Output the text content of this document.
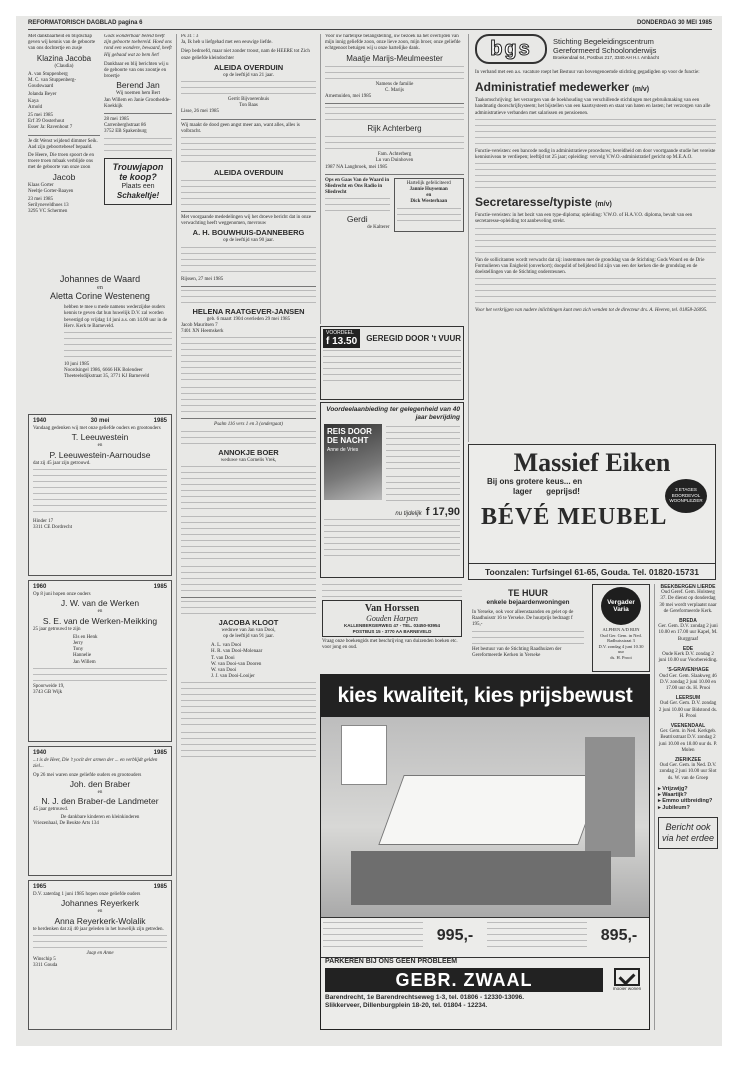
REFORMATORISCH DAGBLAD pagina 6	DONDERDAG 30 MEI 1985
Met dankbaarheid en blijdschap geven wij kennis van de geboorte van ons dochtertje en zusje
Klazina Jacoba
(Claudia)
A. van Stuppenberg
M. C. van Stuppenberg-Goudswaard
Jolanda Beyer
Kaya
Arnold
25 mei 1985
Erf 39 Oosterhout
Esser Ja: Ravenhout 7
Je dit Wenst wijdend dimmer Seik. Aad zijn geboortebesef bepaald.
De Heere, Die troen spoort de en troere troen mbaak verblijde ons met de geboorte van onze zoon
Jacob
Klaas Gorter
Neeltje Gorter-Baayen
23 mei 1985
Serilyneveldhoes 13
3295 VC Schermen
Gods wonderbaar beleid heeft zijn geboorte toebereid. Hoed ons rond een wondere, bewaard, heeft Hij gebaad wat zo bem liet!
Dankbaar en blij berichten wij u de geboorte van ons zoontje en broertje
Berend Jan
Wij noemen hem Bert
Jan Willem en Janie Groothedde-Koekkijk
28 mei 1985
Carrenberghstraat 86
3752 EB Spakenburg
Trouwjapon
te koop?
Plaats een
Schakeltje!
Johannes de Waard
en
Aletta Corine Westeneng
hebben te mee u mede namens wederzijdse ouders kennis te geven dat hun huwelijk D.V. zal worden bevestigd op vrijdag 14 juni a.s. om 14.00 uur in de Herv. Kerk te Barneveld.
10 juni 1985
Noordsingel 1986, 6666 HK Bolendeer
Theeteelsdijkstraat 35, 3771 KJ Barneveld
1940	30 mei	1985
Vandaag gedenken wij met onze geliefde ouders en grootouders
T. Leeuwestein
en
P. Leeuwestein-Aarnoudse
dat zij 45 jaar zijn getrouwd.
Hinder 17
3311 CE Dordrecht
1960	1985
Op 8 juni hopen onze ouders
J. W. van de Werken
en
S. E. van de Werken-Meikking
25 jaar getrouwd te zijn
Els en Henk
Jerry
Tony
Hannelie
Jan Willem
Spoorweide 19,
3743 GB Wijk
1940	1985
...t is de Heer, Die 't yoclt der armen der ... en verblijdt gelden ziel...
Op 26 mei waren onze geliefde ouders en grootouders
Joh. den Braber
en
N. J. den Braber-de Landmeter
45 jaar getrouwd.
De dankbare kinderen en kleinkinderen
Vriezenhaal, De Beukte Arts 134
1965	1985
D.V. zaterdag 1 juni 1985 hopen onze geliefde ouders
Johannes Reyerkerk
en
Anna Reyerkerk-Wolalik
te herdenken dat zij 40 jaar geleden in het huwelijk zijn getreden.
Jaap en Anne
Winschip 5
3311 Gouda
Ps 31 : 3
Ja, Ik heb u liefgehad met een eeuwige liefde.
Diep bedroefd, maar niet zonder troost, nam de HEERE tot Zich onze geliefde kleindochter
ALEIDA OVERDUIN
op de leeftijd van 21 jaar.
Gerrit Bijvoerenhuis
Ton Baas
Lisse, 26 mei 1985
Wij maakt de dood geen angst meer aan, want alles, alles is volbracht.
ALEIDA OVERDUIN
Met voorgaande mededelingen wij het droeve bericht dat in onze verwachting heeft weggenomen, mevrouw
A. H. BOUWHUIS-DANNEBERG
op de leeftijd van 90 jaar.
Rijssen, 27 mei 1985
HELENA RAATGEVER-JANSEN
geb. 6 maart 1904 overleden 29 mei 1985
Jacob Mauritsen 7
7401 XN Heemskerk
Psalm 116 vers 1 en 3 (ondergaat)
ANNOKJE BOER
weduwe van Cornelis Vrek,
JACOBA KLOOT
weduwe van Jan van Dooi,
op de leeftijd van 91 jaar.
A. L. van Dooi
H. R. van Dooi-Molenaar
T. van Dooi
W. van Dooi-van Dooren
W. van Dooi
J. J. van Dooi-Looijer
Voor uw hartelijke belangstelling, uw bezoek na het overlijden van mijn innig geliefde zoon, onze lieve zoon, mijn broer, onze geliefde echtgenoot betuigen wij u onze hartelijke dank.
Maatje Marijs-Meulmeester
Namens de familie
C. Marijs
Arnemuiden, mei 1985
Rijk Achterberg
Fam. Achterberg
Lu van Duinhoven
1987 NA Langbroek, mei 1985
Ops en Gaas Van de Waard in Sliedrecht en Ons Radio in Sliedrecht
Gerdi
de Kalterer
Hartelijk gefeliciteerd
Jannie Huyseman
en
Dick Westerhaan
VOORDEEL
f 13.50 GEREGID DOOR 't VUUR
Voordeelaanbieding ter gelegenheid van 40 jaar bevrijding
REIS DOOR DE NACHT
Anne de Vries
nu tijdelijk f 17,90
Van Horssen
Gouden Harpen
KALLENBERGERWEG 47 - TEL. 03450-93954
POSTBUS 15 - 3770 AA BARNEVELD
Vraag onze boekengids met beschrijving van duizenden boeken etc. voor jong en oud.
bgs	Stichting Begeleidingscentrum
Gereformeerd Schoolonderwijs
Broekendaal 64, Postbus 217, 3340 AH H.I. Ambacht
In verband met een a.s. vacature roept het Bestuur van bovengenoemde stichting gegadigden op voor de functie:
Administratief medewerker (m/v)
Taakomschrijving: het verzorgen van de boekhouding van verschillende stichtingen met gebruikmaking van een handmatig doorschrijfsysteem; het bijstellen van een kaartsysteem en staat van baten en lasten; het verzorgen van alle administratieve verbanden met salarissen en pensioenen.
Functie-vereisten: een bancode nodig in administratieve procedures; bereidheid om door voortgaande studie het vereiste kennisniveau te verdiepen; leeftijd tot 25 jaar; opleiding: vervolg V.W.O.-administratief gericht op M.E.A.O.
Secretaresse/typiste (m/v)
Functie-vereisten: in het bezit van een type-diploma; opleiding: V.W.O. of H.A.V.O. diploma, bevalt van een secretaresse-opleiding tot aanbeveling strekt.
Van de sollicitanten wordt verwacht dat zij: instemmen met de grondslag van de Stichting: Gods Woord en de Drie Formulieren van Enigheid (onverkort); doopslid of belijdend lid zijn van een der kerken die de grondslag en de doelstellingen van de Stichting ondersteunen.
Voor het verkrijgen van nadere inlichtingen kunt men zich wenden tot de directeur drs. A. Heeren, tel. 01858-26095.
Massief Eiken
Bij ons grotere keus... en
lager geprijsd!	3 ETAGES BOORDEVOL WOONPLEZIER
BÉVÉ MEUBEL
Toonzalen: Turfsingel 61-65, Gouda. Tel. 01820-15731
TE HUUR
enkele bejaardenwoningen
In Yerseke, ook voor alleenstaanden en gelet op de Raadhuisstr 16 te Yerseke. De huurprijs bedraagt f 195,-
Het bestuur van de Stichting Raadhuizen der Gereformeerde Kerken in Yerseke
Vergader Varia
ALPHEN A/D RIJN
Oud Ger. Gem. in Ned.
Radhuisstraat 3
D.V. zondag 4 juni 10.30 uur
ds. H. Prooi
BEEKBERGEN LIERDE
Oud Geref. Gem. Holsteeg 37. De dienst op donderdag 30 mei wordt verplaatst naar de Gereformeerde Kerk.
BREDA
Ger. Gem. D.V. zondag 2 juni 10.00 en 17.00 uur Kapel, M. Burggraaf
EDE
Oude Kerk D.V. zondag 2 juni 10.00 uur Voorbereiding.
'S-GRAVENHAGE
Oud Ger. Gem. Slaakweg 46 D.V. zondag 2 juni 10.00 en 17.00 uur ds. H. Prooi
LEERSUM
Oud Ger. Gem. D.V. zondag 2 juni 10.00 uur Bidstond ds. H. Prooi
VEENENDAAL
Ger. Gem. in Ned. Kerkgeb. Beatrixstraat D.V. zondag 2 juni 10.00 en 18.00 uur ds. P. Molen
ZIERIKZEE
Oud Ger. Gem. in Ned. D.V. zondag 2 juni 10.00 uur Slot ds. W. van de Groep
▸ Vrijzwijg?
▸ Waartijk?
▸ Emmo uitbreiding?
▸ Jubileum?
Bericht ook via het erdee
kies kwaliteit, kies prijsbewust
995,-	895,-
PARKEREN BIJ ONS GEEN PROBLEEM
GEBR. ZWAAL	mooier wonen
Barendrecht, 1e Barendrechtseweg 1-3, tel. 01806 - 12330-13096.
Slikkerveer, Dillenburgplein 18-20, tel. 01804 - 12234.
